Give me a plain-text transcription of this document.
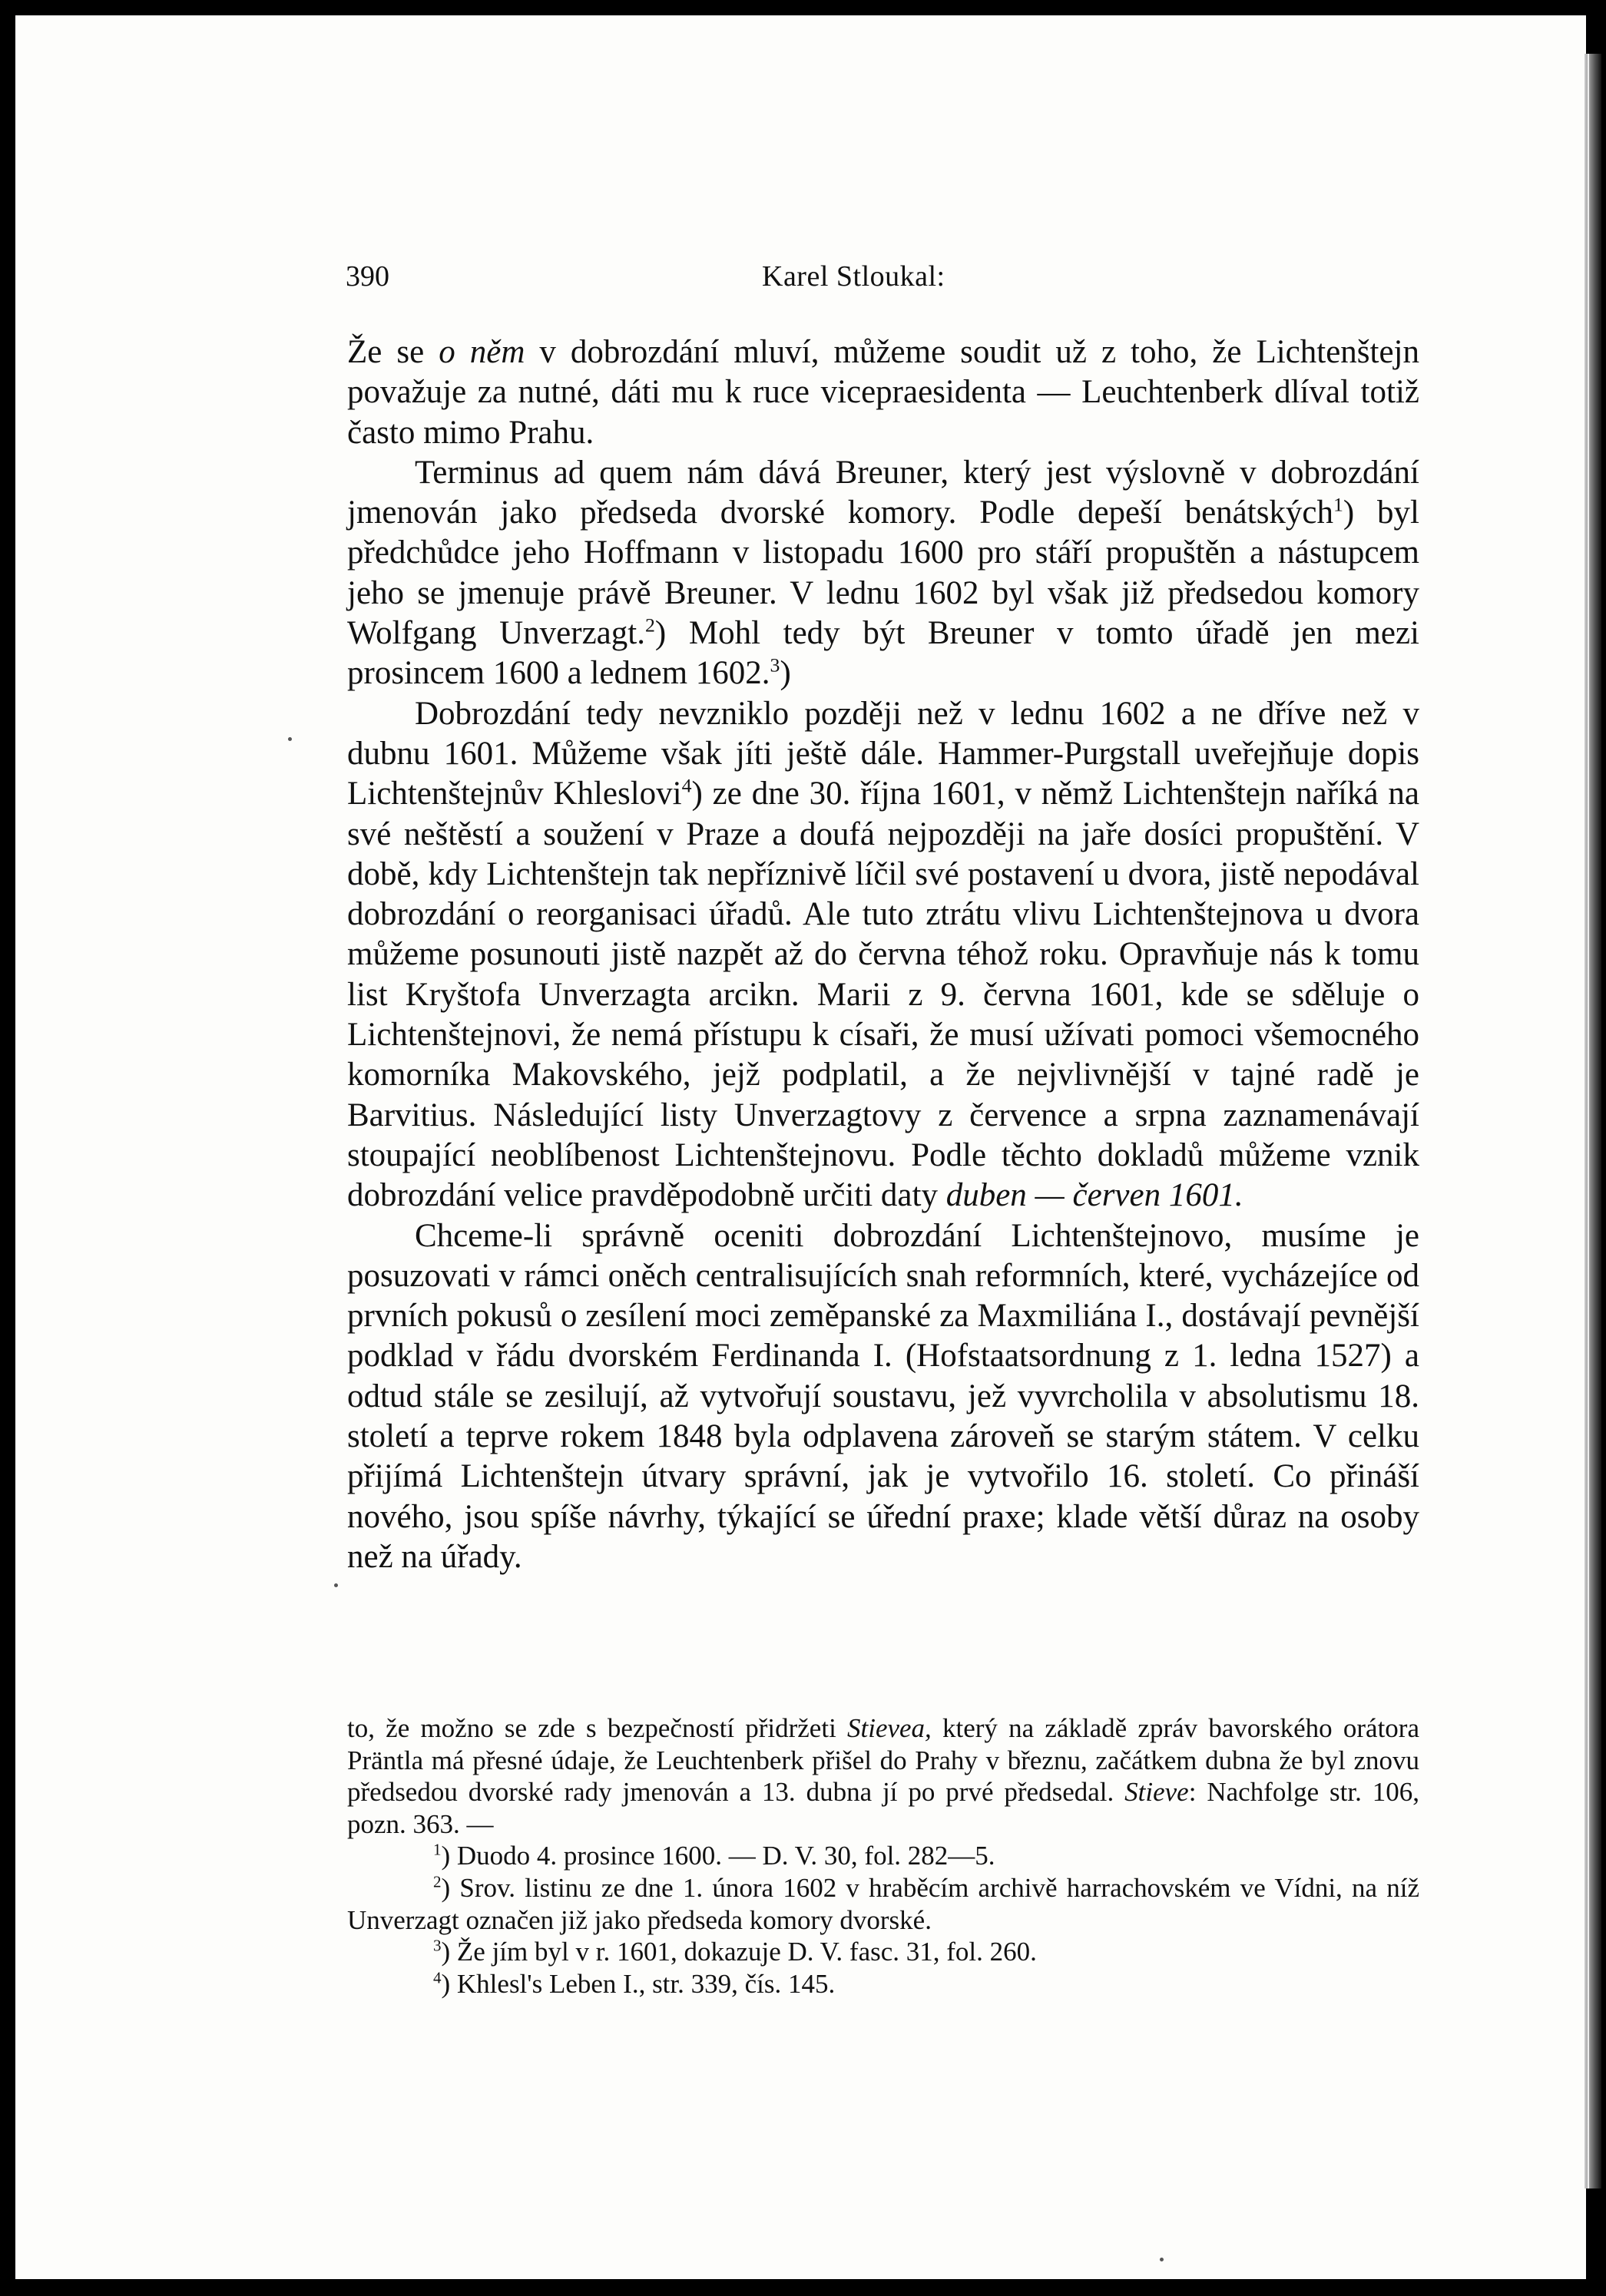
390	Karel Stloukal:

Že se o něm v dobrozdání mluví, můžeme soudit už z toho, že Lichtenštejn považuje za nutné, dáti mu k ruce vicepraesidenta — Leuchtenberk dlíval totiž často mimo Prahu.

Terminus ad quem nám dává Breuner, který jest výslovně v dobrozdání jmenován jako předseda dvorské komory. Podle depeší benátských$^1$) byl předchůdce jeho Hoffmann v listopadu 1600 pro stáří propuštěn a nástupcem jeho se jmenuje právě Breuner. V lednu 1602 byl však již předsedou komory Wolfgang Unverzagt.$^2$) Mohl tedy být Breuner v tomto úřadě jen mezi prosincem 1600 a lednem 1602.$^3$)

Dobrozdání tedy nevzniklo později než v lednu 1602 a ne dříve než v dubnu 1601. Můžeme však jíti ještě dále. Hammer-Purgstall uveřejňuje dopis Lichtenštejnův Khleslovi$^4$) ze dne 30. října 1601, v němž Lichtenštejn naříká na své neštěstí a soužení v Praze a doufá nejpozději na jaře dosíci propuštění. V době, kdy Lichtenštejn tak nepříznivě líčil své postavení u dvora, jistě nepodával dobrozdání o reorganisaci úřadů. Ale tuto ztrátu vlivu Lichtenštejnova u dvora můžeme posunouti jistě nazpět až do června téhož roku. Opravňuje nás k tomu list Kryštofa Unverzagta arcikn. Marii z 9. června 1601, kde se sděluje o Lichtenštejnovi, že nemá přístupu k císaři, že musí užívati pomoci všemocného komorníka Makovského, jejž podplatil, a že nejvlivnější v tajné radě je Barvitius. Následující listy Unverzagtovy z července a srpna zaznamenávají stoupající neoblíbenost Lichtenštejnovu. Podle těchto dokladů můžeme vznik dobrozdání velice pravděpodobně určiti daty duben — červen 1601.

Chceme-li správně oceniti dobrozdání Lichtenštejnovo, musíme je posuzovati v rámci oněch centralisujících snah reformních, které, vycházejíce od prvních pokusů o zesílení moci zeměpanské za Maxmiliána I., dostávají pevnější podklad v řádu dvorském Ferdinanda I. (Hofstaatsordnung z 1. ledna 1527) a odtud stále se zesilují, až vytvořují soustavu, jež vyvrcholila v absolutismu 18. století a teprve rokem 1848 byla odplavena zároveň se starým státem. V celku přijímá Lichtenštejn útvary správní, jak je vytvořilo 16. století. Co přináší nového, jsou spíše návrhy, týkající se úřední praxe; klade větší důraz na osoby než na úřady.

to, že možno se zde s bezpečností přidržeti Stievea, který na základě zpráv bavorského orátora Präntla má přesné údaje, že Leuchtenberk přišel do Prahy v březnu, začátkem dubna že byl znovu předsedou dvorské rady jmenován a 13. dubna jí po prvé předsedal. Stieve: Nachfolge str. 106, pozn. 363. —

$^1$) Duodo 4. prosince 1600. — D. V. 30, fol. 282—5.

$^2$) Srov. listinu ze dne 1. února 1602 v hraběcím archivě harrachovském ve Vídni, na níž Unverzagt označen již jako předseda komory dvorské.

$^3$) Že jím byl v r. 1601, dokazuje D. V. fasc. 31, fol. 260.

$^4$) Khlesl's Leben I., str. 339, čís. 145.
